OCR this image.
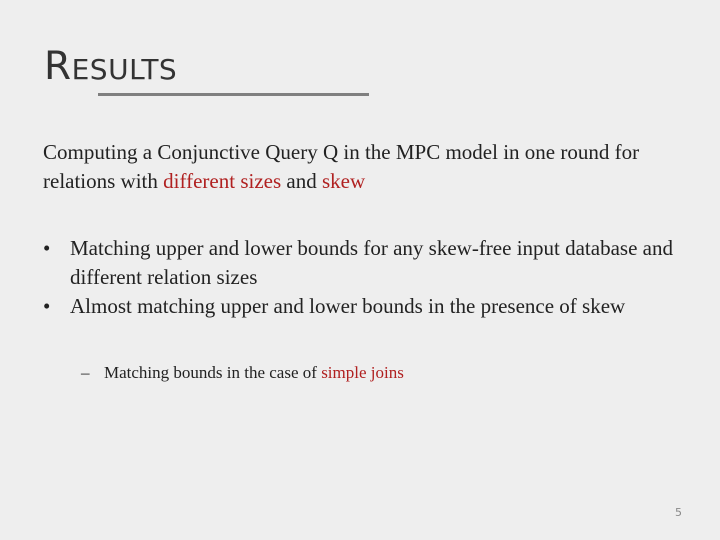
RESULTS
Computing a Conjunctive Query Q in the MPC model in one round for relations with different sizes and skew
• Matching upper and lower bounds for any skew-free input database and different relation sizes
• Almost matching upper and lower bounds in the presence of skew
– Matching bounds in the case of simple joins
5
